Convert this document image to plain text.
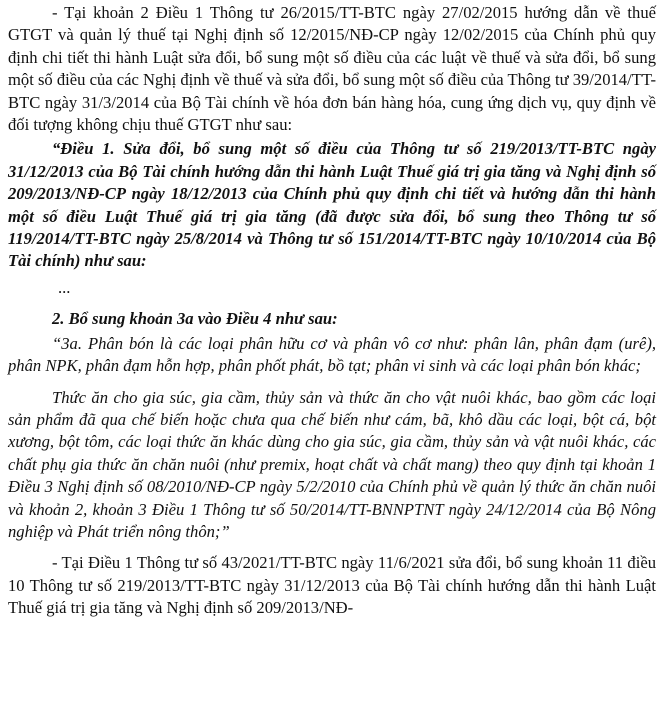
- Tại khoản 2 Điều 1 Thông tư 26/2015/TT-BTC ngày 27/02/2015 hướng dẫn về thuế GTGT và quản lý thuế tại Nghị định số 12/2015/NĐ-CP ngày 12/02/2015 của Chính phủ quy định chi tiết thi hành Luật sửa đổi, bổ sung một số điều của các luật về thuế và sửa đổi, bổ sung một số điều của các Nghị định về thuế và sửa đổi, bổ sung một số điều của Thông tư 39/2014/TT-BTC ngày 31/3/2014 của Bộ Tài chính về hóa đơn bán hàng hóa, cung ứng dịch vụ, quy định về đối tượng không chịu thuế GTGT như sau:

“Điều 1. Sửa đổi, bổ sung một số điều của Thông tư số 219/2013/TT-BTC ngày 31/12/2013 của Bộ Tài chính hướng dẫn thi hành Luật Thuế giá trị gia tăng và Nghị định số 209/2013/NĐ-CP ngày 18/12/2013 của Chính phủ quy định chi tiết và hướng dẫn thi hành một số điều Luật Thuế giá trị gia tăng (đã được sửa đổi, bổ sung theo Thông tư số 119/2014/TT-BTC ngày 25/8/2014 và Thông tư số 151/2014/TT-BTC ngày 10/10/2014 của Bộ Tài chính) như sau:

...

2. Bổ sung khoản 3a vào Điều 4 như sau:

“3a. Phân bón là các loại phân hữu cơ và phân vô cơ như: phân lân, phân đạm (urê), phân NPK, phân đạm hỗn hợp, phân phốt phát, bồ tạt; phân vi sinh và các loại phân bón khác;

Thức ăn cho gia súc, gia cầm, thủy sản và thức ăn cho vật nuôi khác, bao gồm các loại sản phẩm đã qua chế biến hoặc chưa qua chế biến như cám, bã, khô dầu các loại, bột cá, bột xương, bột tôm, các loại thức ăn khác dùng cho gia súc, gia cầm, thủy sản và vật nuôi khác, các chất phụ gia thức ăn chăn nuôi (như premix, hoạt chất và chất mang) theo quy định tại khoản 1 Điều 3 Nghị định số 08/2010/NĐ-CP ngày 5/2/2010 của Chính phủ về quản lý thức ăn chăn nuôi và khoản 2, khoản 3 Điều 1 Thông tư số 50/2014/TT-BNNPTNT ngày 24/12/2014 của Bộ Nông nghiệp và Phát triển nông thôn;”

- Tại Điều 1 Thông tư số 43/2021/TT-BTC ngày 11/6/2021 sửa đổi, bổ sung khoản 11 điều 10 Thông tư số 219/2013/TT-BTC ngày 31/12/2013 của Bộ Tài chính hướng dẫn thi hành Luật Thuế giá trị gia tăng và Nghị định số 209/2013/NĐ-
